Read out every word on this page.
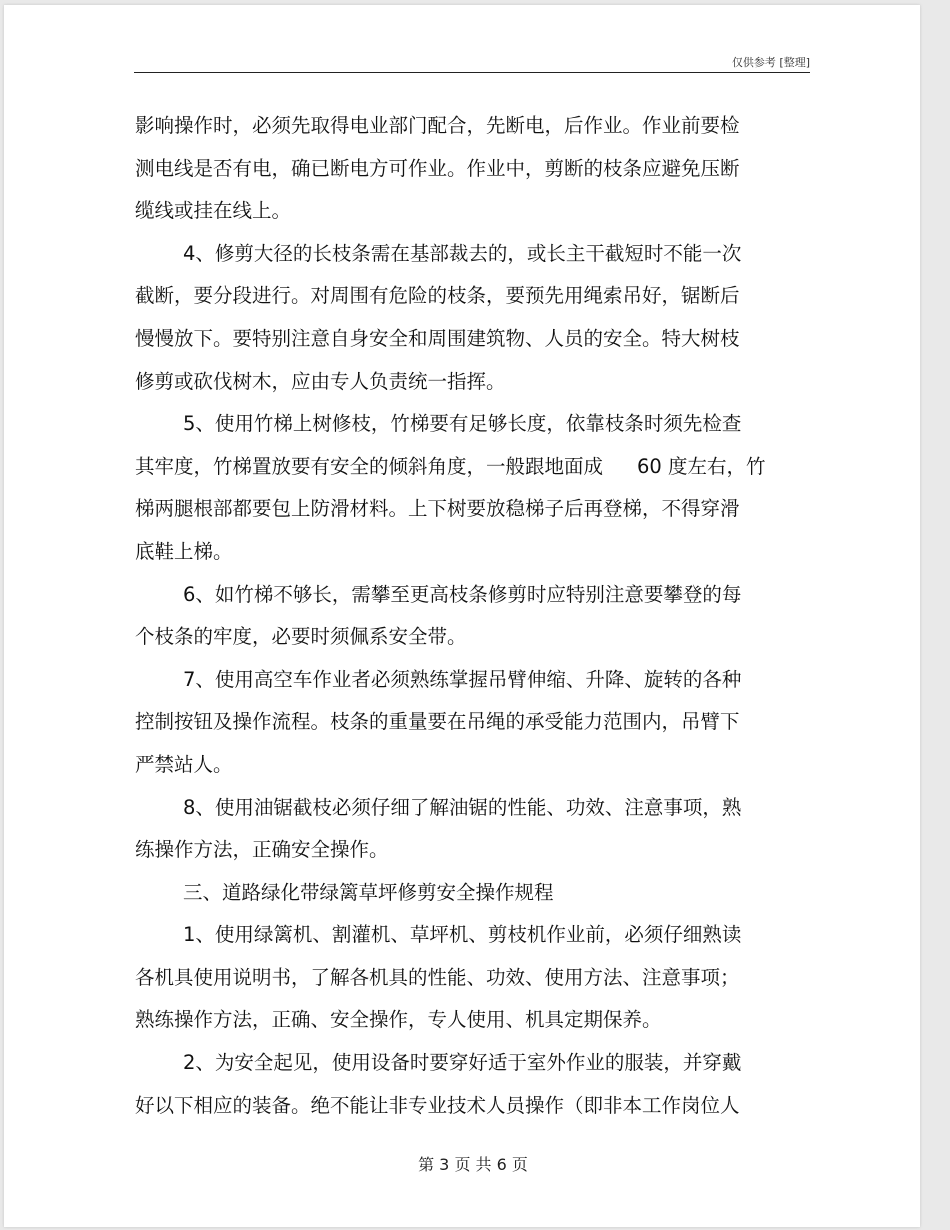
仅供参考 [整理]
影响操作时，必须先取得电业部门配合，先断电，后作业。作业前要检
测电线是否有电，确已断电方可作业。作业中，剪断的枝条应避免压断
缆线或挂在线上。
4、修剪大径的长枝条需在基部裁去的，或长主干截短时不能一次
截断，要分段进行。对周围有危险的枝条，要预先用绳索吊好，锯断后
慢慢放下。要特别注意自身安全和周围建筑物、人员的安全。特大树枝
修剪或砍伐树木，应由专人负责统一指挥。
5、使用竹梯上树修枝，竹梯要有足够长度，依靠枝条时须先检查
其牢度，竹梯置放要有安全的倾斜角度，一般跟地面成 60 度左右，竹
梯两腿根部都要包上防滑材料。上下树要放稳梯子后再登梯，不得穿滑
底鞋上梯。
6、如竹梯不够长，需攀至更高枝条修剪时应特别注意要攀登的每
个枝条的牢度，必要时须佩系安全带。
7、使用高空车作业者必须熟练掌握吊臂伸缩、升降、旋转的各种
控制按钮及操作流程。枝条的重量要在吊绳的承受能力范围内，吊臂下
严禁站人。
8、使用油锯截枝必须仔细了解油锯的性能、功效、注意事项，熟
练操作方法，正确安全操作。
三、道路绿化带绿篱草坪修剪安全操作规程
1、使用绿篱机、割灌机、草坪机、剪枝机作业前，必须仔细熟读
各机具使用说明书，了解各机具的性能、功效、使用方法、注意事项；
熟练操作方法，正确、安全操作，专人使用、机具定期保养。
2、为安全起见，使用设备时要穿好适于室外作业的服装，并穿戴
好以下相应的装备。绝不能让非专业技术人员操作（即非本工作岗位人
第 3 页 共 6 页
